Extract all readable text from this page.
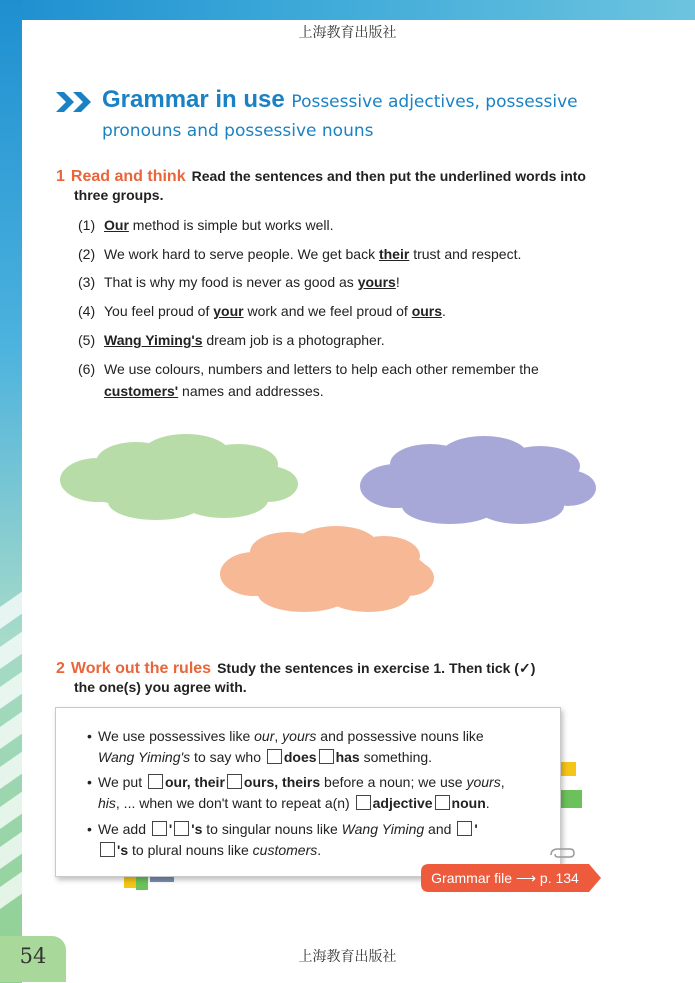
上海教育出版社
Grammar in use Possessive adjectives, possessive
pronouns and possessive nouns
1 Read and think Read the sentences and then put the underlined words into
three groups.
(1) Our method is simple but works well.
(2) We work hard to serve people. We get back their trust and respect.
(3) That is why my food is never as good as yours!
(4) You feel proud of your work and we feel proud of ours.
(5) Wang Yiming's dream job is a photographer.
(6) We use colours, numbers and letters to help each other remember the
customers' names and addresses.
2 Work out the rules Study the sentences in exercise 1. Then tick (✓)
the one(s) you agree with.
• We use possessives like our, yours and possessive nouns like
Wang Yiming's to say who does has something.
• We put our, their ours, theirs before a noun; we use yours,
his, ... when we don't want to repeat a(n) adjective noun.
• We add ' 's to singular nouns like Wang Yiming and '
's to plural nouns like customers.
Grammar file ⟶ p. 134
54	上海教育出版社
